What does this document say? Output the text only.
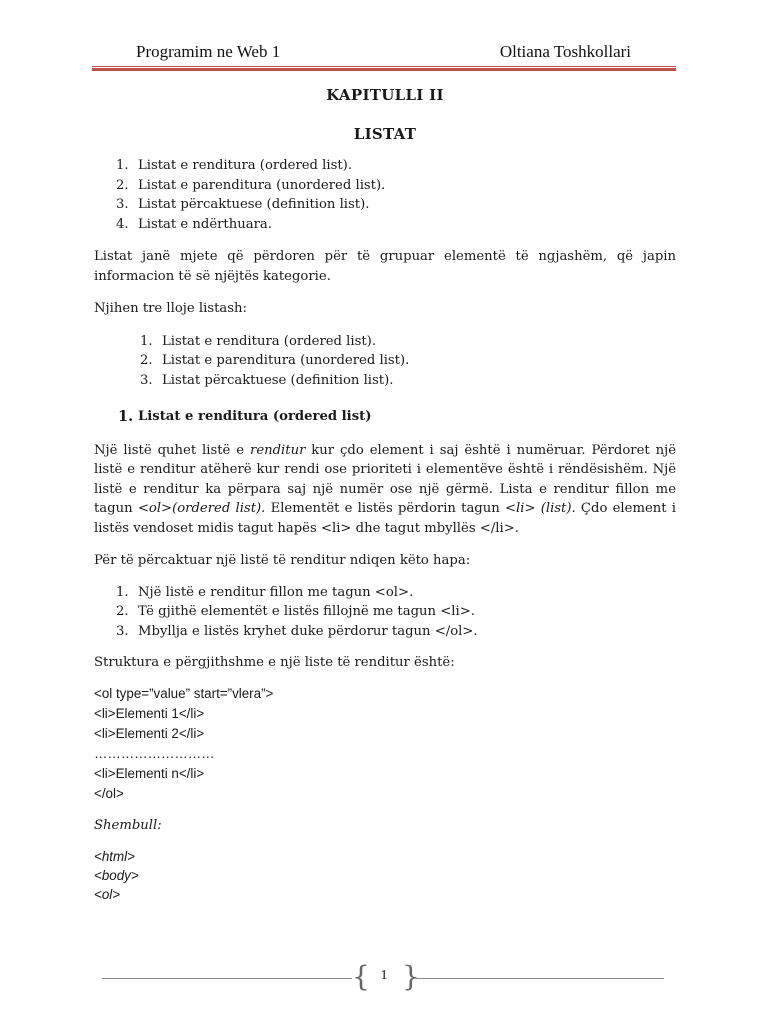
Programim ne Web 1	Oltiana Toshkollari
KAPITULLI II
LISTAT
1. Listat e renditura (ordered list).
2. Listat e parenditura (unordered list).
3. Listat përcaktuese (definition list).
4. Listat e ndërthuara.

Listat janë mjete që përdoren për të grupuar elementë të ngjashëm, që japin informacion të së njëjtës kategorie.

Njihen tre lloje listash:

1. Listat e renditura (ordered list).
2. Listat e parenditura (unordered list).
3. Listat përcaktuese (definition list).
1. Listat e renditura (ordered list)

Një listë quhet listë e renditur kur çdo element i saj është i numëruar. Përdoret një listë e renditur atëherë kur rendi ose prioriteti i elementëve është i rëndësishëm. Një listë e renditur ka përpara saj një numër ose një gërmë. Lista e renditur fillon me tagun <ol>(ordered list). Elementët e listës përdorin tagun <li> (list). Çdo element i listës vendoset midis tagut hapës <li> dhe tagut mbyllës </li>.

Për të përcaktuar një listë të renditur ndiqen këto hapa:

1. Një listë e renditur fillon me tagun <ol>.
2. Të gjithë elementët e listës fillojnë me tagun <li>.
3. Mbyllja e listës kryhet duke përdorur tagun </ol>.

Struktura e përgjithshme e një liste të renditur është:

<ol type=”value” start=”vlera”>
<li>Elementi 1</li>
<li>Elementi 2</li>
………………………
<li>Elementi n</li>
</ol>

Shembull:

<html>
<body>
<ol>
{ 1 }
